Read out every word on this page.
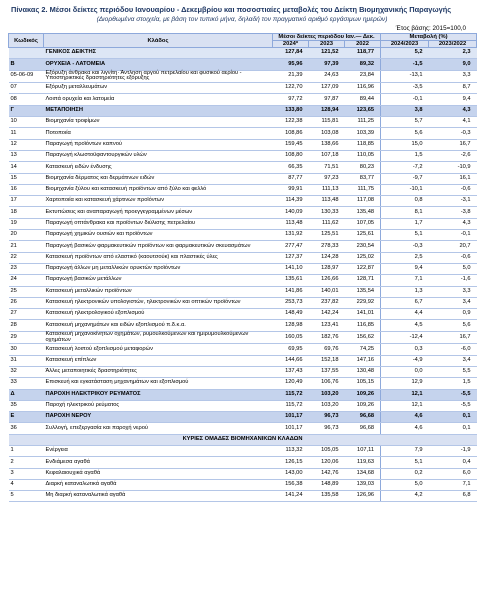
Πίνακας 2. Μέσοι δείκτες περιόδου Ιανουαρίου - Δεκεμβρίου και ποσοστιαίες μεταβολές του Δείκτη Βιομηχανικής Παραγωγής
(Διορθωμένα στοιχεία, με βάση τον τυπικό μήνα, δηλαδή τον πραγματικό αριθμό εργάσιμων ημερών)
Έτος βάσης: 2015=100,0
Κωδικός	Κλάδος	Μέσοι δείκτες περιόδου Ιαν.— Δεκ.			Μεταβολή (%)	
		2024*	2023	2022	2024/2023	2023/2022
	ΓΕΝΙΚΟΣ ΔΕΙΚΤΗΣ	127,84	121,52	118,77	5,2	2,3
B	ΟΡΥΧΕΙΑ - ΛΑΤΟΜΕΙΑ	95,96	97,39	89,32	-1,5	9,0
05-06-09	Εξόρυξη άνθρακα και λιγνίτη· Άντληση αργού πετρελαίου και φυσικού αερίου - Υποστηρικτικές δραστηριότητες εξόρυξης	21,39	24,63	23,84	-13,1	3,3
07	Εξόρυξη μεταλλευμάτων	122,70	127,09	116,96	-3,5	8,7
08	Λοιπά ορυχεία και λατομεία	97,72	97,87	89,44	-0,1	9,4
Γ	ΜΕΤΑΠΟΙΗΣΗ	133,80	128,94	123,65	3,8	4,3
10	Βιομηχανία τροφίμων	122,38	115,81	111,25	5,7	4,1
11	Ποτοποιία	108,86	103,08	103,39	5,6	-0,3
12	Παραγωγή προϊόντων καπνού	159,45	138,66	118,85	15,0	16,7
13	Παραγωγή κλωστοϋφαντουργικών υλών	108,80	107,18	110,05	1,5	-2,6
14	Κατασκευή ειδών ένδυσης	66,35	71,51	80,23	-7,2	-10,9
15	Βιομηχανία δέρματος και δερμάτινων ειδών	87,77	97,23	83,77	-9,7	16,1
16	Βιομηχανία ξύλου και κατασκευή προϊόντων από ξύλο και φελλό	99,91	111,13	111,75	-10,1	-0,6
17	Χαρτοποιία και κατασκευή χάρτινων προϊόντων	114,39	113,48	117,08	0,8	-3,1
18	Εκτυπώσεις και αναπαραγωγή προεγγεγραμμένων μέσων	140,09	130,33	135,48	8,1	-3,8
19	Παραγωγή οπτάνθρακα και προϊόντων διύλισης πετρελαίου	113,48	111,62	107,05	1,7	4,3
20	Παραγωγή χημικών ουσιών και προϊόντων	131,92	125,51	125,61	5,1	-0,1
21	Παραγωγή βασικών φαρμακευτικών προϊόντων και φαρμακευτικών σκευασμάτων	277,47	278,33	230,54	-0,3	20,7
22	Κατασκευή προϊόντων από ελαστικό (καουτσούκ) και πλαστικές ύλες	127,37	124,28	125,02	2,5	-0,6
23	Παραγωγή άλλων μη μεταλλικών ορυκτών προϊόντων	141,10	128,97	122,87	9,4	5,0
24	Παραγωγή βασικών μετάλλων	135,61	126,66	128,71	7,1	-1,6
25	Κατασκευή μεταλλικών προϊόντων	141,86	140,01	135,54	1,3	3,3
26	Κατασκευή ηλεκτρονικών υπολογιστών, ηλεκτρονικών και οπτικών προϊόντων	253,73	237,82	229,92	6,7	3,4
27	Κατασκευή ηλεκτρολογικού εξοπλισμού	148,49	142,24	141,01	4,4	0,9
28	Κατασκευή μηχανημάτων και ειδών εξοπλισμού π.δ.κ.α.	128,98	123,41	116,85	4,5	5,6
29	Κατασκευή μηχανοκίνητων οχημάτων, ρυμουλκούμενων και ημιρυμουλκούμενων οχημάτων	160,05	182,76	156,62	-12,4	16,7
30	Κατασκευή λοιπού εξοπλισμού μεταφορών	69,95	69,76	74,25	0,3	-6,0
31	Κατασκευή επίπλων	144,66	152,18	147,16	-4,9	3,4
32	Άλλες μεταποιητικές δραστηριότητες	137,43	137,55	130,48	0,0	5,5
33	Επισκευή και εγκατάσταση μηχανημάτων και εξοπλισμού	120,49	106,76	105,15	12,9	1,5
Δ	ΠΑΡΟΧΗ ΗΛΕΚΤΡΙΚΟΥ ΡΕΥΜΑΤΟΣ	115,72	103,20	109,26	12,1	-5,5
35	Παροχή ηλεκτρικού ρεύματος	115,72	103,20	109,26	12,1	-5,5
E	ΠΑΡΟΧΗ ΝΕΡΟΥ	101,17	96,73	96,68	4,6	0,1
36	Συλλογή, επεξεργασία και παροχή νερού	101,17	96,73	96,68	4,6	0,1
ΚΥΡΙΕΣ ΟΜΑΔΕΣ ΒΙΟΜΗΧΑΝΙΚΩΝ ΚΛΑΔΩΝ						
1	Ενέργεια	113,32	105,05	107,11	7,9	-1,9
2	Ενδιάμεσα αγαθά	126,15	120,06	119,63	5,1	0,4
3	Κεφαλαιουχικά αγαθά	143,00	142,76	134,68	0,2	6,0
4	Διαρκή καταναλωτικά αγαθά	156,38	148,89	139,03	5,0	7,1
5	Μη διαρκή καταναλωτικά αγαθά	141,24	135,58	126,96	4,2	6,8
